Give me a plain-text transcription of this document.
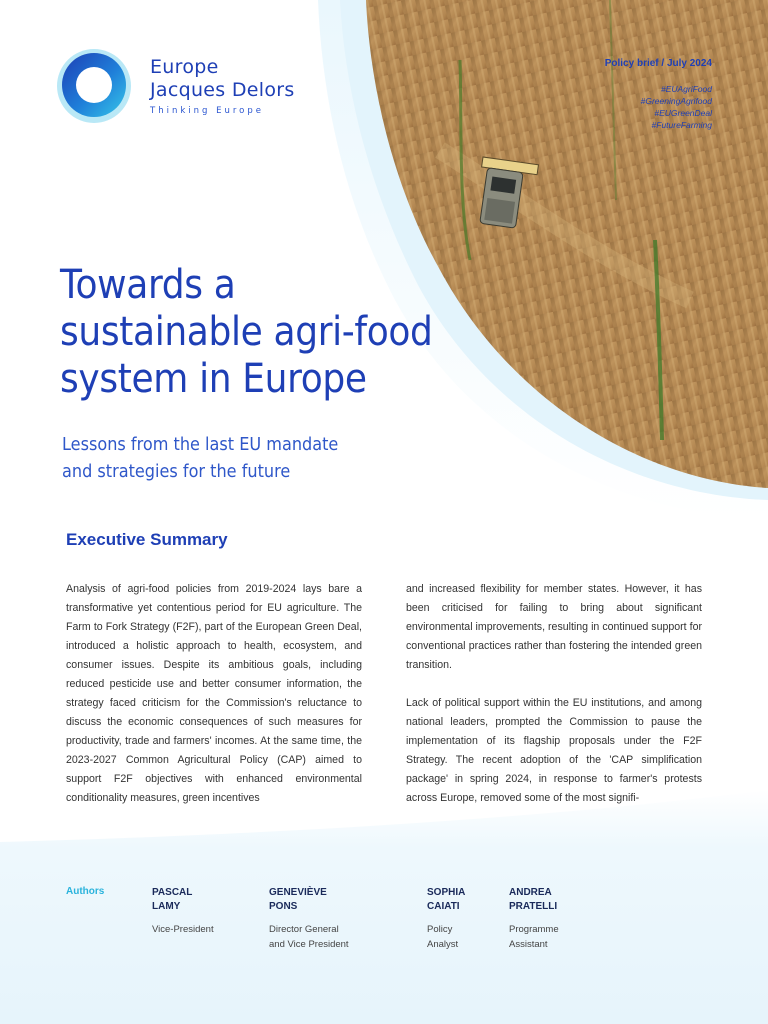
Europe
Jacques Delors
Thinking Europe
Policy brief / July 2024
#EUAgriFood
#GreeningAgrifood
#EUGreenDeal
#FutureFarming
Towards a
sustainable agri-food
system in Europe
Lessons from the last EU mandate
and strategies for the future
Executive Summary

Analysis of agri-food policies from 2019-2024 lays bare a transformative yet contentious period for EU agriculture. The Farm to Fork Strategy (F2F), part of the European Green Deal, introduced a holistic approach to health, ecosystem, and consumer issues. Despite its ambitious goals, including reduced pesticide use and better consumer information, the strategy faced criticism for the Commission's reluctance to discuss the economic consequences of such measures for productivity, trade and farmers' incomes. At the same time, the 2023-2027 Common Agricultural Policy (CAP) aimed to support F2F objectives with enhanced environmental conditionality measures, green incentives

and increased flexibility for member states. However, it has been criticised for failing to bring about significant environmental improvements, resulting in continued support for conventional practices rather than fostering the intended green transition.

Lack of political support within the EU institutions, and among national leaders, prompted the Commission to pause the implementation of its flagship proposals under the F2F Strategy. The recent adoption of the 'CAP simplification package' in spring 2024, in response to farmer's protests across Europe, removed some of the most signifi-

Authors	PASCAL
LAMY
Vice-President
GENEVIÈVE
PONS
Director General
and Vice President
SOPHIA
CAIATI
Policy
Analyst
ANDREA
PRATELLI
Programme
Assistant
